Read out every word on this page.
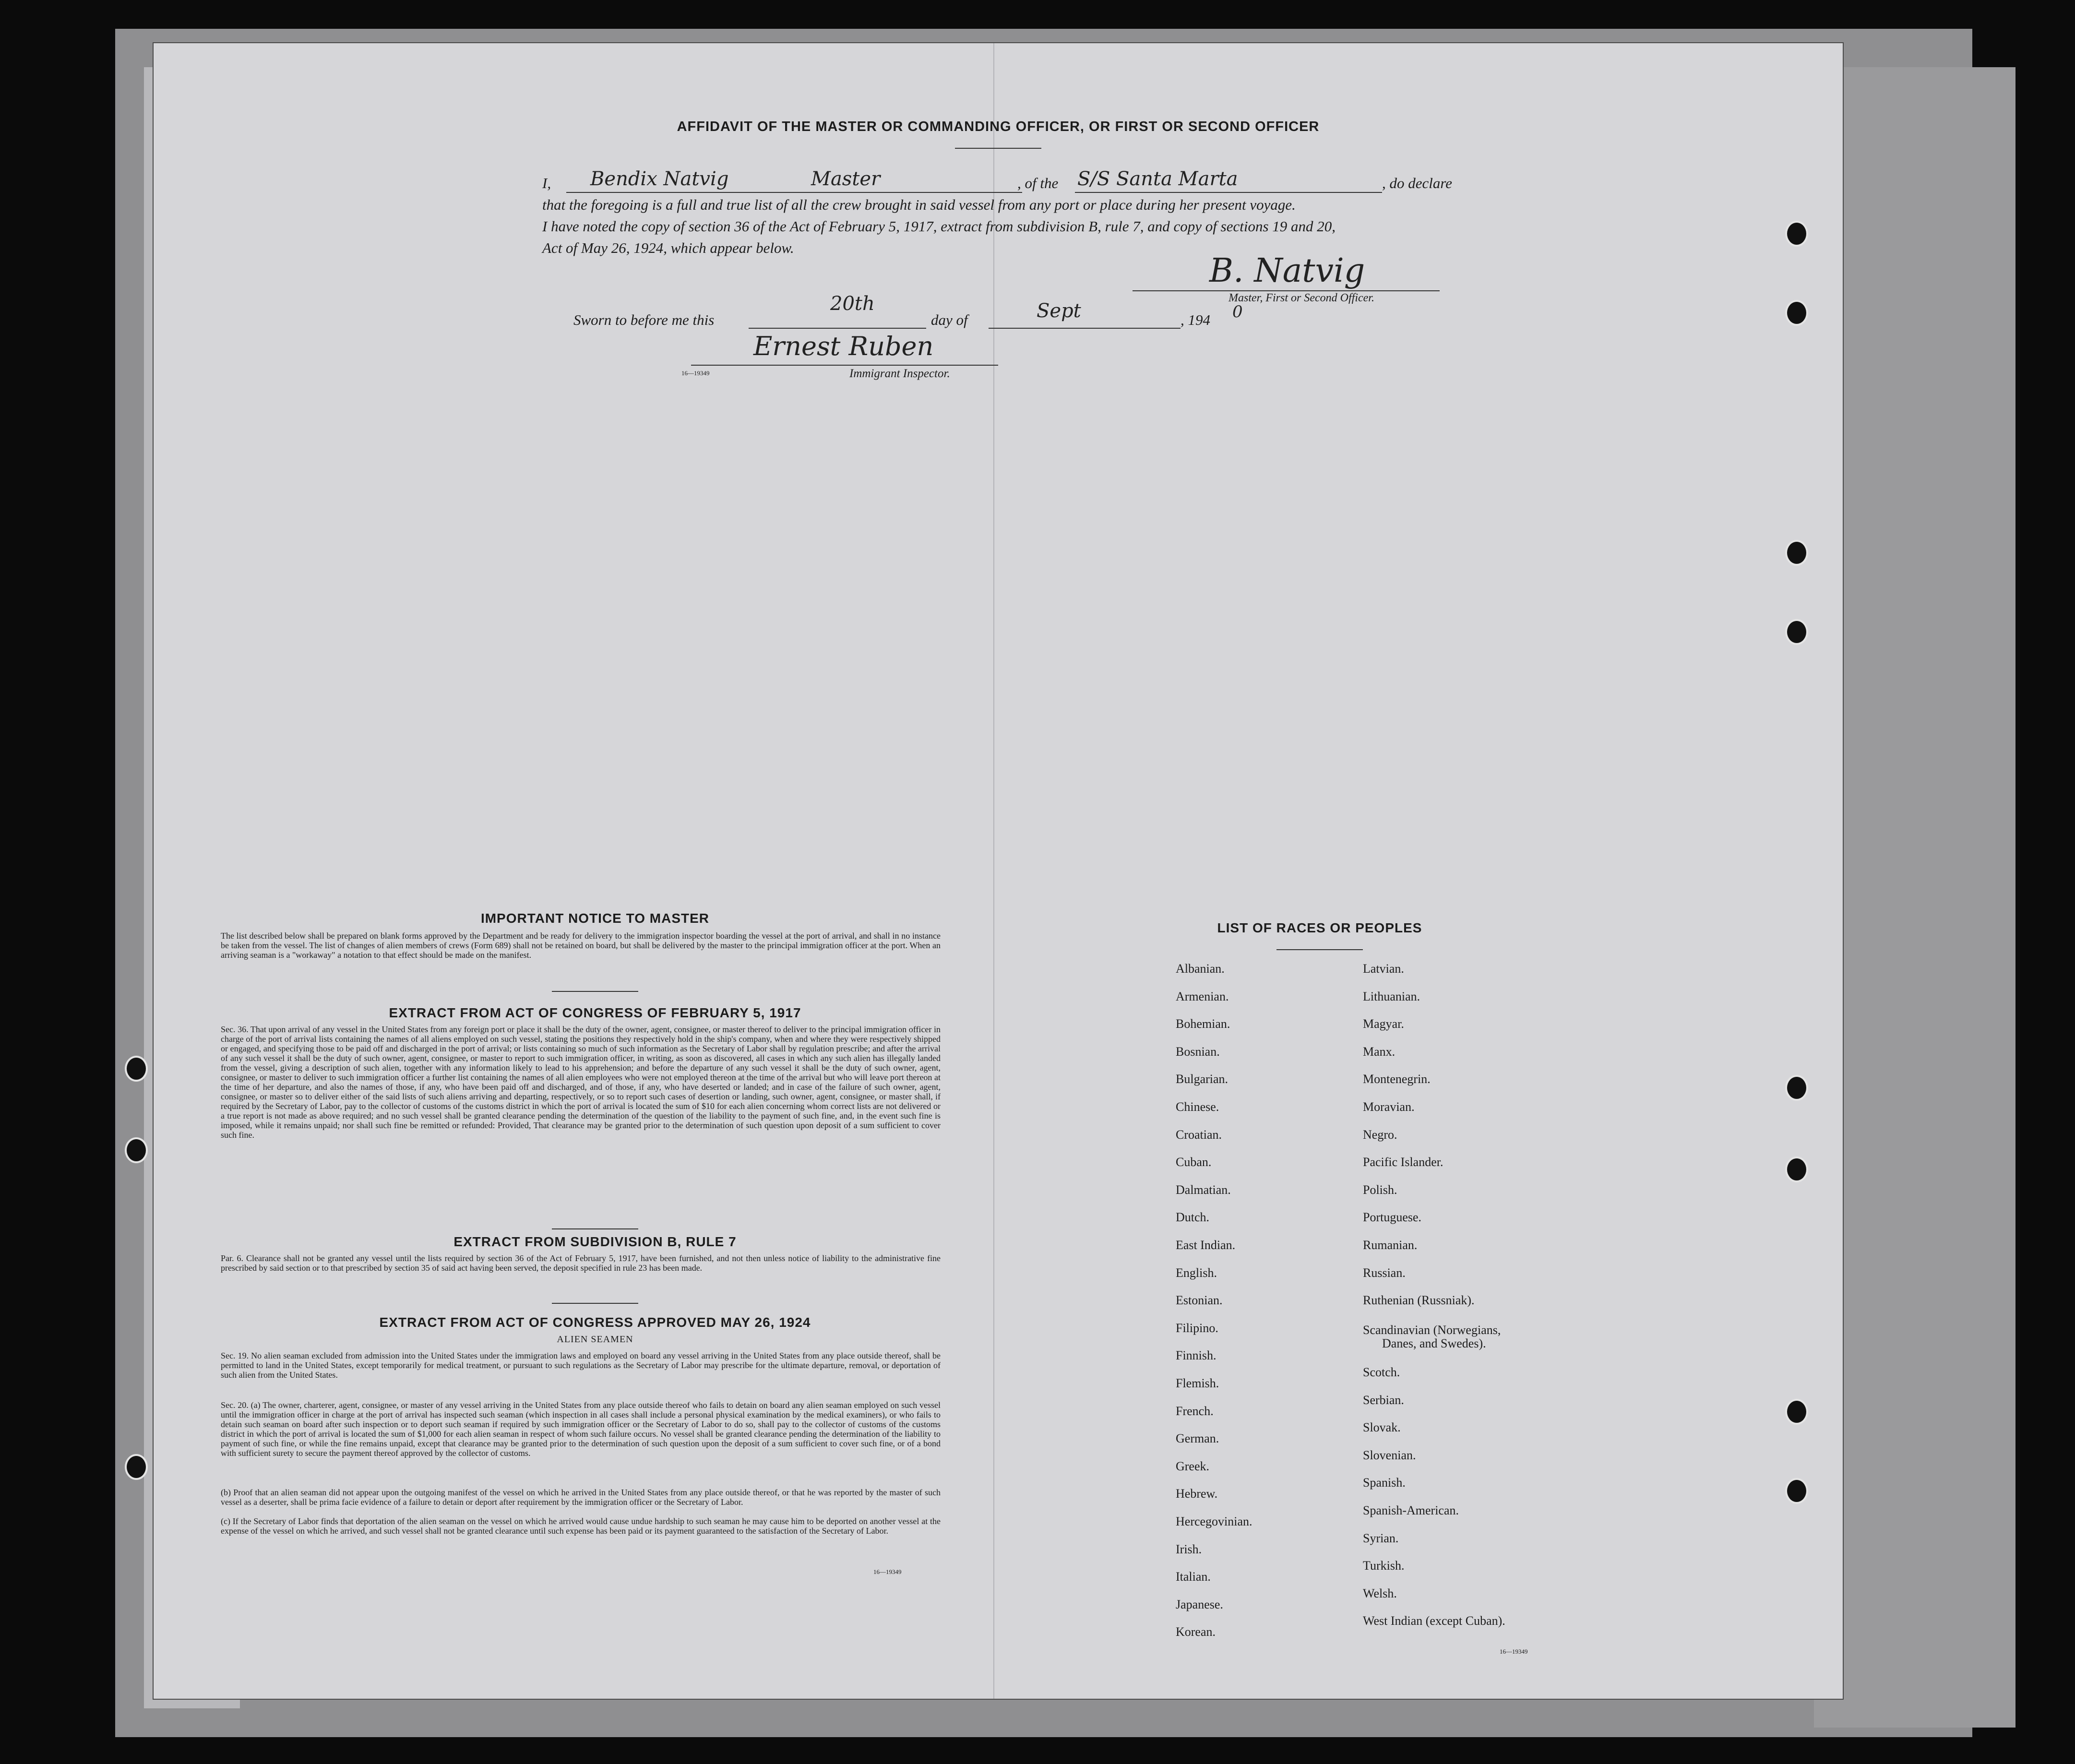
AFFIDAVIT OF THE MASTER OR COMMANDING OFFICER, OR FIRST OR SECOND OFFICER
I, Bendix Natvig	Master	, of the S/S Santa Marta	, do declare
that the foregoing is a full and true list of all the crew brought in said vessel from any port or place during her present voyage.
I have noted the copy of section 36 of the Act of February 5, 1917, extract from subdivision B, rule 7, and copy of sections 19 and 20,
Act of May 26, 1924, which appear below.
B. Natvig
Master, First or Second Officer.
Sworn to before me this
20th
day of	Sept	, 194 0
Ernest Ruben
16—19349	Immigrant Inspector.
IMPORTANT NOTICE TO MASTER
The list described below shall be prepared on blank forms approved by the Department and be ready for delivery to the immigration inspector boarding the vessel at the port of arrival, and shall in no instance be taken from the vessel. The list of changes of alien members of crews (Form 689) shall not be retained on board, but shall be delivered by the master to the principal immigration officer at the port. When an arriving seaman is a "workaway" a notation to that effect should be made on the manifest.
EXTRACT FROM ACT OF CONGRESS OF FEBRUARY 5, 1917
Sec. 36. That upon arrival of any vessel in the United States from any foreign port or place it shall be the duty of the owner, agent, consignee, or master thereof to deliver to the principal immigration officer in charge of the port of arrival lists containing the names of all aliens employed on such vessel, stating the positions they respectively hold in the ship's company, when and where they were respectively shipped or engaged, and specifying those to be paid off and discharged in the port of arrival; or lists containing so much of such information as the Secretary of Labor shall by regulation prescribe; and after the arrival of any such vessel it shall be the duty of such owner, agent, consignee, or master to report to such immigration officer, in writing, as soon as discovered, all cases in which any such alien has illegally landed from the vessel, giving a description of such alien, together with any information likely to lead to his apprehension; and before the departure of any such vessel it shall be the duty of such owner, agent, consignee, or master to deliver to such immigration officer a further list containing the names of all alien employees who were not employed thereon at the time of the arrival but who will leave port thereon at the time of her departure, and also the names of those, if any, who have been paid off and discharged, and of those, if any, who have deserted or landed; and in case of the failure of such owner, agent, consignee, or master so to deliver either of the said lists of such aliens arriving and departing, respectively, or so to report such cases of desertion or landing, such owner, agent, consignee, or master shall, if required by the Secretary of Labor, pay to the collector of customs of the customs district in which the port of arrival is located the sum of $10 for each alien concerning whom correct lists are not delivered or a true report is not made as above required; and no such vessel shall be granted clearance pending the determination of the question of the liability to the payment of such fine, and, in the event such fine is imposed, while it remains unpaid; nor shall such fine be remitted or refunded: Provided, That clearance may be granted prior to the determination of such question upon deposit of a sum sufficient to cover such fine.
EXTRACT FROM SUBDIVISION B, RULE 7
Par. 6. Clearance shall not be granted any vessel until the lists required by section 36 of the Act of February 5, 1917, have been furnished, and not then unless notice of liability to the administrative fine prescribed by said section or to that prescribed by section 35 of said act having been served, the deposit specified in rule 23 has been made.
EXTRACT FROM ACT OF CONGRESS APPROVED MAY 26, 1924
ALIEN SEAMEN
Sec. 19. No alien seaman excluded from admission into the United States under the immigration laws and employed on board any vessel arriving in the United States from any place outside thereof, shall be permitted to land in the United States, except temporarily for medical treatment, or pursuant to such regulations as the Secretary of Labor may prescribe for the ultimate departure, removal, or deportation of such alien from the United States.
Sec. 20. (a) The owner, charterer, agent, consignee, or master of any vessel arriving in the United States from any place outside thereof who fails to detain on board any alien seaman employed on such vessel until the immigration officer in charge at the port of arrival has inspected such seaman (which inspection in all cases shall include a personal physical examination by the medical examiners), or who fails to detain such seaman on board after such inspection or to deport such seaman if required by such immigration officer or the Secretary of Labor to do so, shall pay to the collector of customs of the customs district in which the port of arrival is located the sum of $1,000 for each alien seaman in respect of whom such failure occurs. No vessel shall be granted clearance pending the determination of the liability to payment of such fine, or while the fine remains unpaid, except that clearance may be granted prior to the determination of such question upon the deposit of a sum sufficient to cover such fine, or of a bond with sufficient surety to secure the payment thereof approved by the collector of customs.
(b) Proof that an alien seaman did not appear upon the outgoing manifest of the vessel on which he arrived in the United States from any place outside thereof, or that he was reported by the master of such vessel as a deserter, shall be prima facie evidence of a failure to detain or deport after requirement by the immigration officer or the Secretary of Labor.
(c) If the Secretary of Labor finds that deportation of the alien seaman on the vessel on which he arrived would cause undue hardship to such seaman he may cause him to be deported on another vessel at the expense of the vessel on which he arrived, and such vessel shall not be granted clearance until such expense has been paid or its payment guaranteed to the satisfaction of the Secretary of Labor.
16—19349
LIST OF RACES OR PEOPLES
Albanian.
Armenian.
Bohemian.
Bosnian.
Bulgarian.
Chinese.
Croatian.
Cuban.
Dalmatian.
Dutch.
East Indian.
English.
Estonian.
Filipino.
Finnish.
Flemish.
French.
German.
Greek.
Hebrew.
Hercegovinian.
Irish.
Italian.
Japanese.
Korean.
Latvian.
Lithuanian.
Magyar.
Manx.
Montenegrin.
Moravian.
Negro.
Pacific Islander.
Polish.
Portuguese.
Rumanian.
Russian.
Ruthenian (Russniak).
Scandinavian (Norwegians,
Danes, and Swedes).
Scotch.
Serbian.
Slovak.
Slovenian.
Spanish.
Spanish-American.
Syrian.
Turkish.
Welsh.
West Indian (except Cuban).
16—19349
